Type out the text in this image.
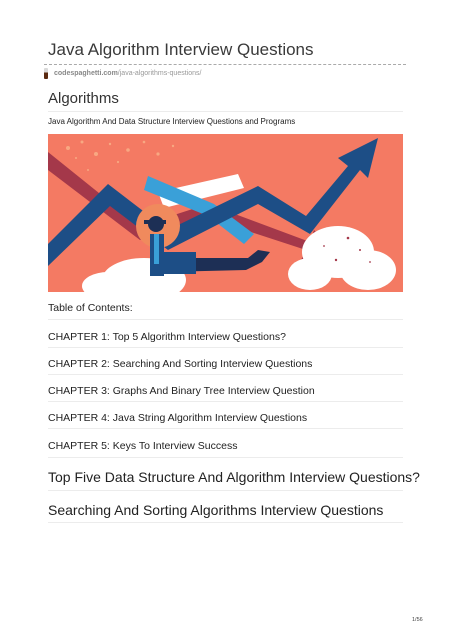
Java Algorithm Interview Questions
codespaghetti.com /java-algorithms-questions/
Algorithms
Java Algorithm And Data Structure Interview Questions and Programs
Table of Contents:
CHAPTER 1: Top 5 Algorithm Interview Questions?
CHAPTER 2: Searching And Sorting Interview Questions
CHAPTER 3: Graphs And Binary Tree Interview Question
CHAPTER 4: Java String Algorithm Interview Questions
CHAPTER 5: Keys To Interview Success
Top Five Data Structure And Algorithm Interview Questions?
Searching And Sorting Algorithms Interview Questions
1/56
